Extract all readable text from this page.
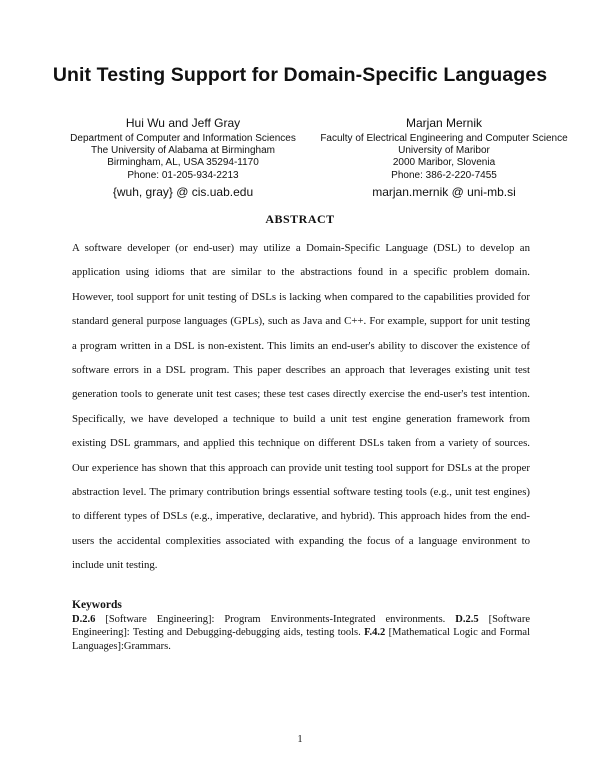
Unit Testing Support for Domain-Specific Languages
Hui Wu and Jeff Gray
Department of Computer and Information Sciences
The University of Alabama at Birmingham
Birmingham, AL, USA 35294-1170
Phone: 01-205-934-2213
{wuh, gray} @ cis.uab.edu
Marjan Mernik
Faculty of Electrical Engineering and Computer Science
University of Maribor
2000 Maribor, Slovenia
Phone: 386-2-220-7455
marjan.mernik @ uni-mb.si
ABSTRACT
A software developer (or end-user) may utilize a Domain-Specific Language (DSL) to develop an application using idioms that are similar to the abstractions found in a specific problem domain. However, tool support for unit testing of DSLs is lacking when compared to the capabilities provided for standard general purpose languages (GPLs), such as Java and C++. For example, support for unit testing a program written in a DSL is non-existent. This limits an end-user's ability to discover the existence of software errors in a DSL program. This paper describes an approach that leverages existing unit test generation tools to generate unit test cases; these test cases directly exercise the end-user's test intention. Specifically, we have developed a technique to build a unit test engine generation framework from existing DSL grammars, and applied this technique on different DSLs taken from a variety of sources. Our experience has shown that this approach can provide unit testing tool support for DSLs at the proper abstraction level. The primary contribution brings essential software testing tools (e.g., unit test engines) to different types of DSLs (e.g., imperative, declarative, and hybrid). This approach hides from the end-users the accidental complexities associated with expanding the focus of a language environment to include unit testing.
Keywords
D.2.6 [Software Engineering]: Program Environments-Integrated environments. D.2.5 [Software Engineering]: Testing and Debugging-debugging aids, testing tools. F.4.2 [Mathematical Logic and Formal Languages]:Grammars.
1
